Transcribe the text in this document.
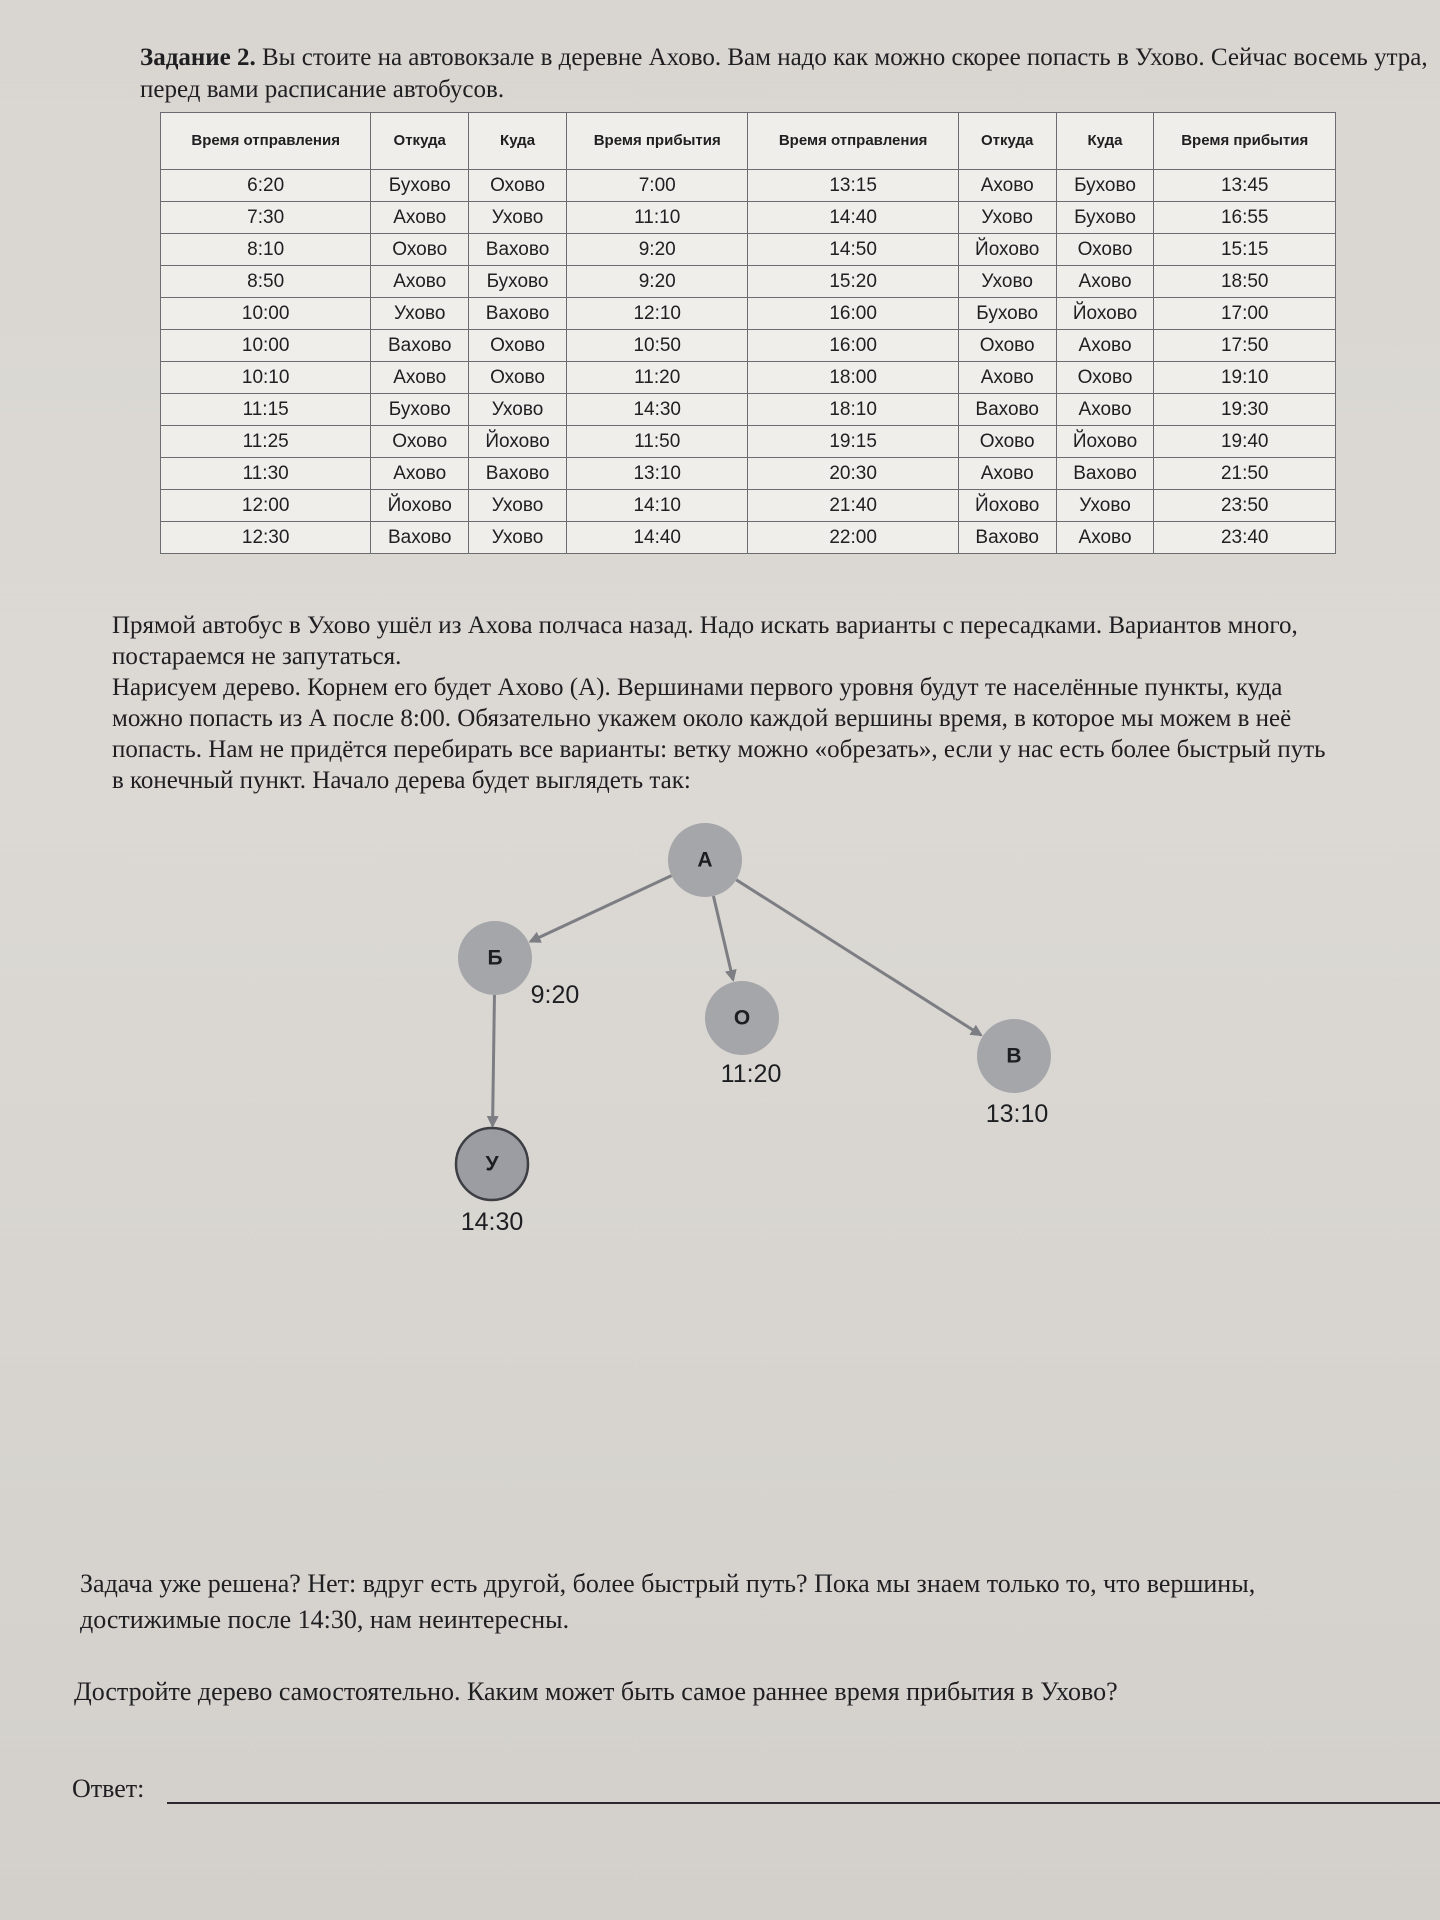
Задание 2. Вы стоите на автовокзале в деревне Ахово. Вам надо как можно скорее попасть в Ухово. Сейчас восемь утра, перед вами расписание автобусов.
Время отправления	Откуда	Куда	Время прибытия	Время отправления	Откуда	Куда	Время прибытия
6:20	Бухово	Охово	7:00	13:15	Ахово	Бухово	13:45
7:30	Ахово	Ухово	11:10	14:40	Ухово	Бухово	16:55
8:10	Охово	Вахово	9:20	14:50	Йохово	Охово	15:15
8:50	Ахово	Бухово	9:20	15:20	Ухово	Ахово	18:50
10:00	Ухово	Вахово	12:10	16:00	Бухово	Йохово	17:00
10:00	Вахово	Охово	10:50	16:00	Охово	Ахово	17:50
10:10	Ахово	Охово	11:20	18:00	Ахово	Охово	19:10
11:15	Бухово	Ухово	14:30	18:10	Вахово	Ахово	19:30
11:25	Охово	Йохово	11:50	19:15	Охово	Йохово	19:40
11:30	Ахово	Вахово	13:10	20:30	Ахово	Вахово	21:50
12:00	Йохово	Ухово	14:10	21:40	Йохово	Ухово	23:50
12:30	Вахово	Ухово	14:40	22:00	Вахово	Ахово	23:40

Прямой автобус в Ухово ушёл из Ахова полчаса назад. Надо искать варианты с пересадками. Вариантов много, постараемся не запутаться.

Нарисуем дерево. Корнем его будет Ахово (А). Вершинами первого уровня будут те населённые пункты, куда можно попасть из А после 8:00. Обязательно укажем около каждой вершины время, в которое мы можем в неё попасть. Нам не придётся перебирать все варианты: ветку можно «обрезать», если у нас есть более быстрый путь в конечный пункт. Начало дерева будет выглядеть так:

А
Б
9:20
О
11:20
В
13:10
У
14:30

Задача уже решена? Нет: вдруг есть другой, более быстрый путь? Пока мы знаем только то, что вершины, достижимые после 14:30, нам неинтересны.

Достройте дерево самостоятельно. Каким может быть самое раннее время прибытия в Ухово?

Ответ:
